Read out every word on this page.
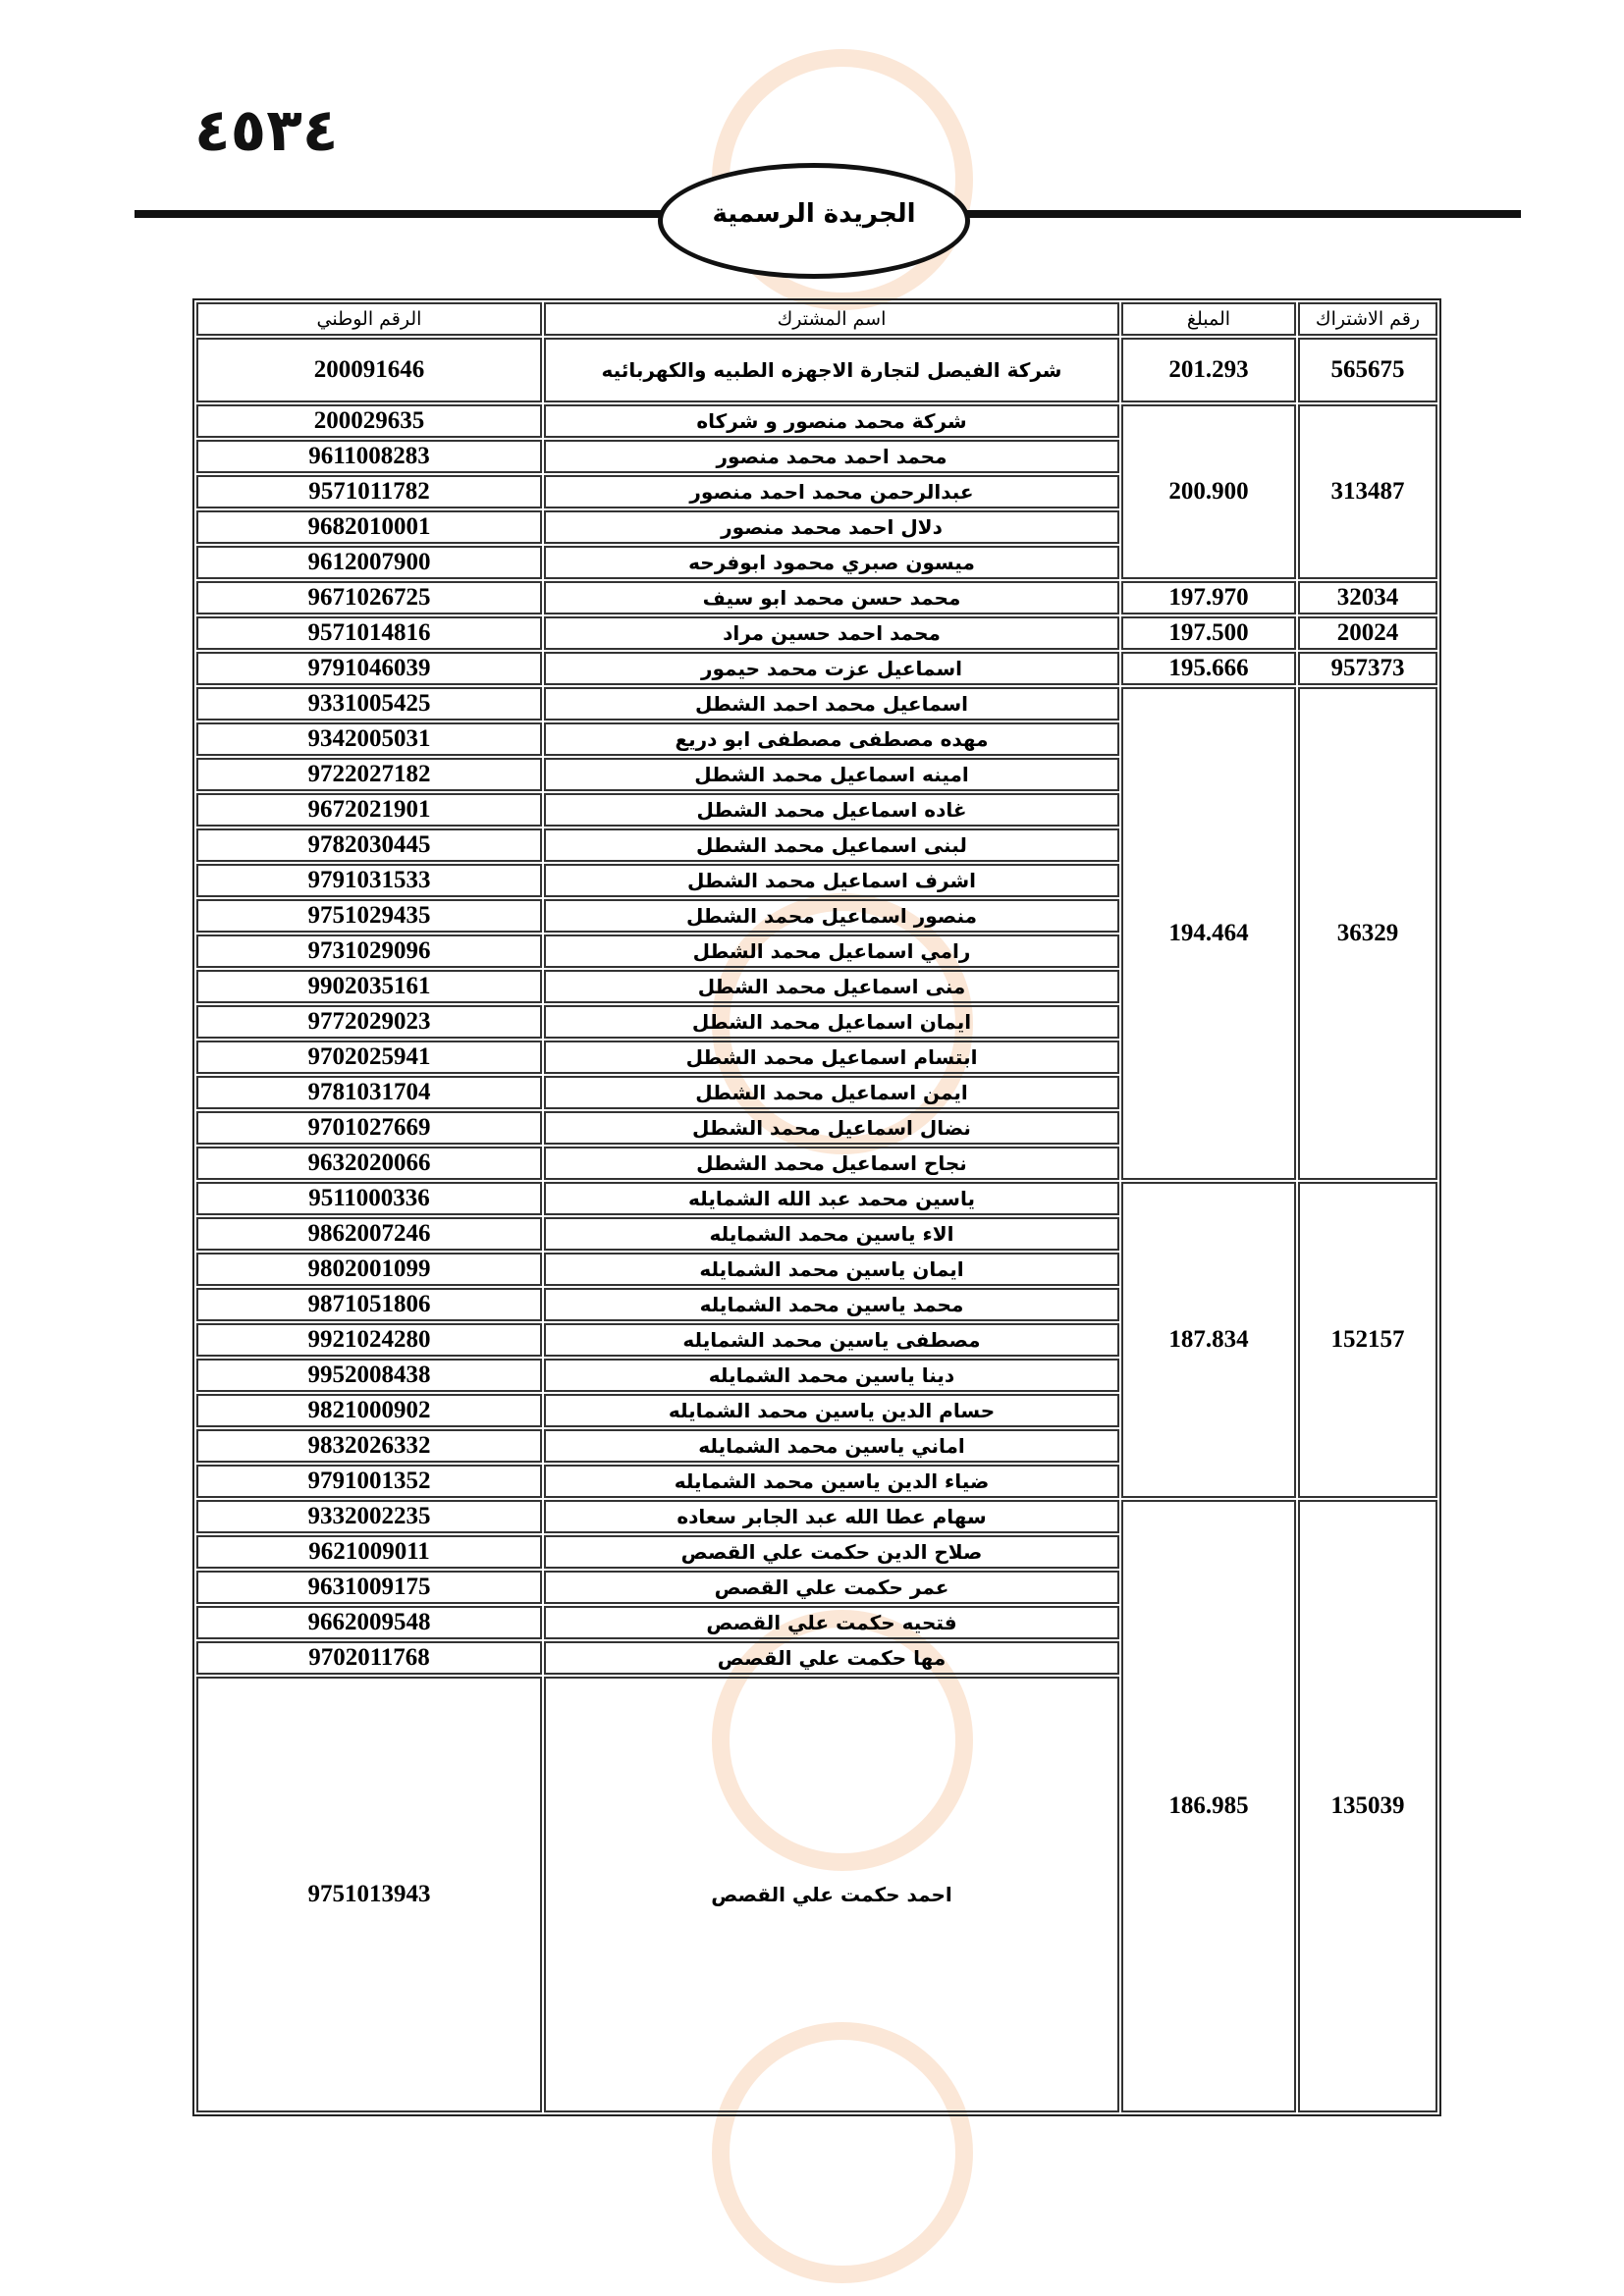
٤٥٣٤
الجريدة الرسمية
رقم الاشتراك	المبلغ	اسم المشترك	الرقم الوطني
565675	201.293	شركة الفيصل لتجارة الاجهزه الطبيه والكهربائيه	200091646
313487	200.900	شركة محمد منصور و شركاه	200029635
		محمد احمد محمد منصور	9611008283
		عبدالرحمن محمد احمد منصور	9571011782
		دلال احمد محمد منصور	9682010001
		ميسون صبري محمود ابوفرحه	9612007900
32034	197.970	محمد حسن محمد ابو سيف	9671026725
20024	197.500	محمد احمد حسين مراد	9571014816
957373	195.666	اسماعيل عزت محمد حيمور	9791046039
36329	194.464	اسماعيل محمد احمد الشطل	9331005425
		مهده مصطفى مصطفى ابو دريع	9342005031
		امينه اسماعيل محمد الشطل	9722027182
		غاده اسماعيل محمد الشطل	9672021901
		لبنى اسماعيل محمد الشطل	9782030445
		اشرف اسماعيل محمد الشطل	9791031533
		منصور اسماعيل محمد الشطل	9751029435
		رامي اسماعيل محمد الشطل	9731029096
		منى اسماعيل محمد الشطل	9902035161
		ايمان اسماعيل محمد الشطل	9772029023
		ابتسام اسماعيل محمد الشطل	9702025941
		ايمن اسماعيل محمد الشطل	9781031704
		نضال اسماعيل محمد الشطل	9701027669
		نجاح اسماعيل محمد الشطل	9632020066
152157	187.834	ياسين محمد عبد الله الشمايله	9511000336
		الاء ياسين محمد الشمايله	9862007246
		ايمان ياسين محمد الشمايله	9802001099
		محمد ياسين محمد الشمايله	9871051806
		مصطفى ياسين محمد الشمايله	9921024280
		دينا ياسين محمد الشمايله	9952008438
		حسام الدين ياسين محمد الشمايله	9821000902
		اماني ياسين محمد الشمايله	9832026332
		ضياء الدين ياسين محمد الشمايله	9791001352
135039	186.985	سهام عطا الله عبد الجابر سعاده	9332002235
		صلاح الدين حكمت علي القصص	9621009011
		عمر حكمت علي القصص	9631009175
		فتحيه حكمت علي القصص	9662009548
		مها حكمت علي القصص	9702011768
		احمد حكمت علي القصص	9751013943
